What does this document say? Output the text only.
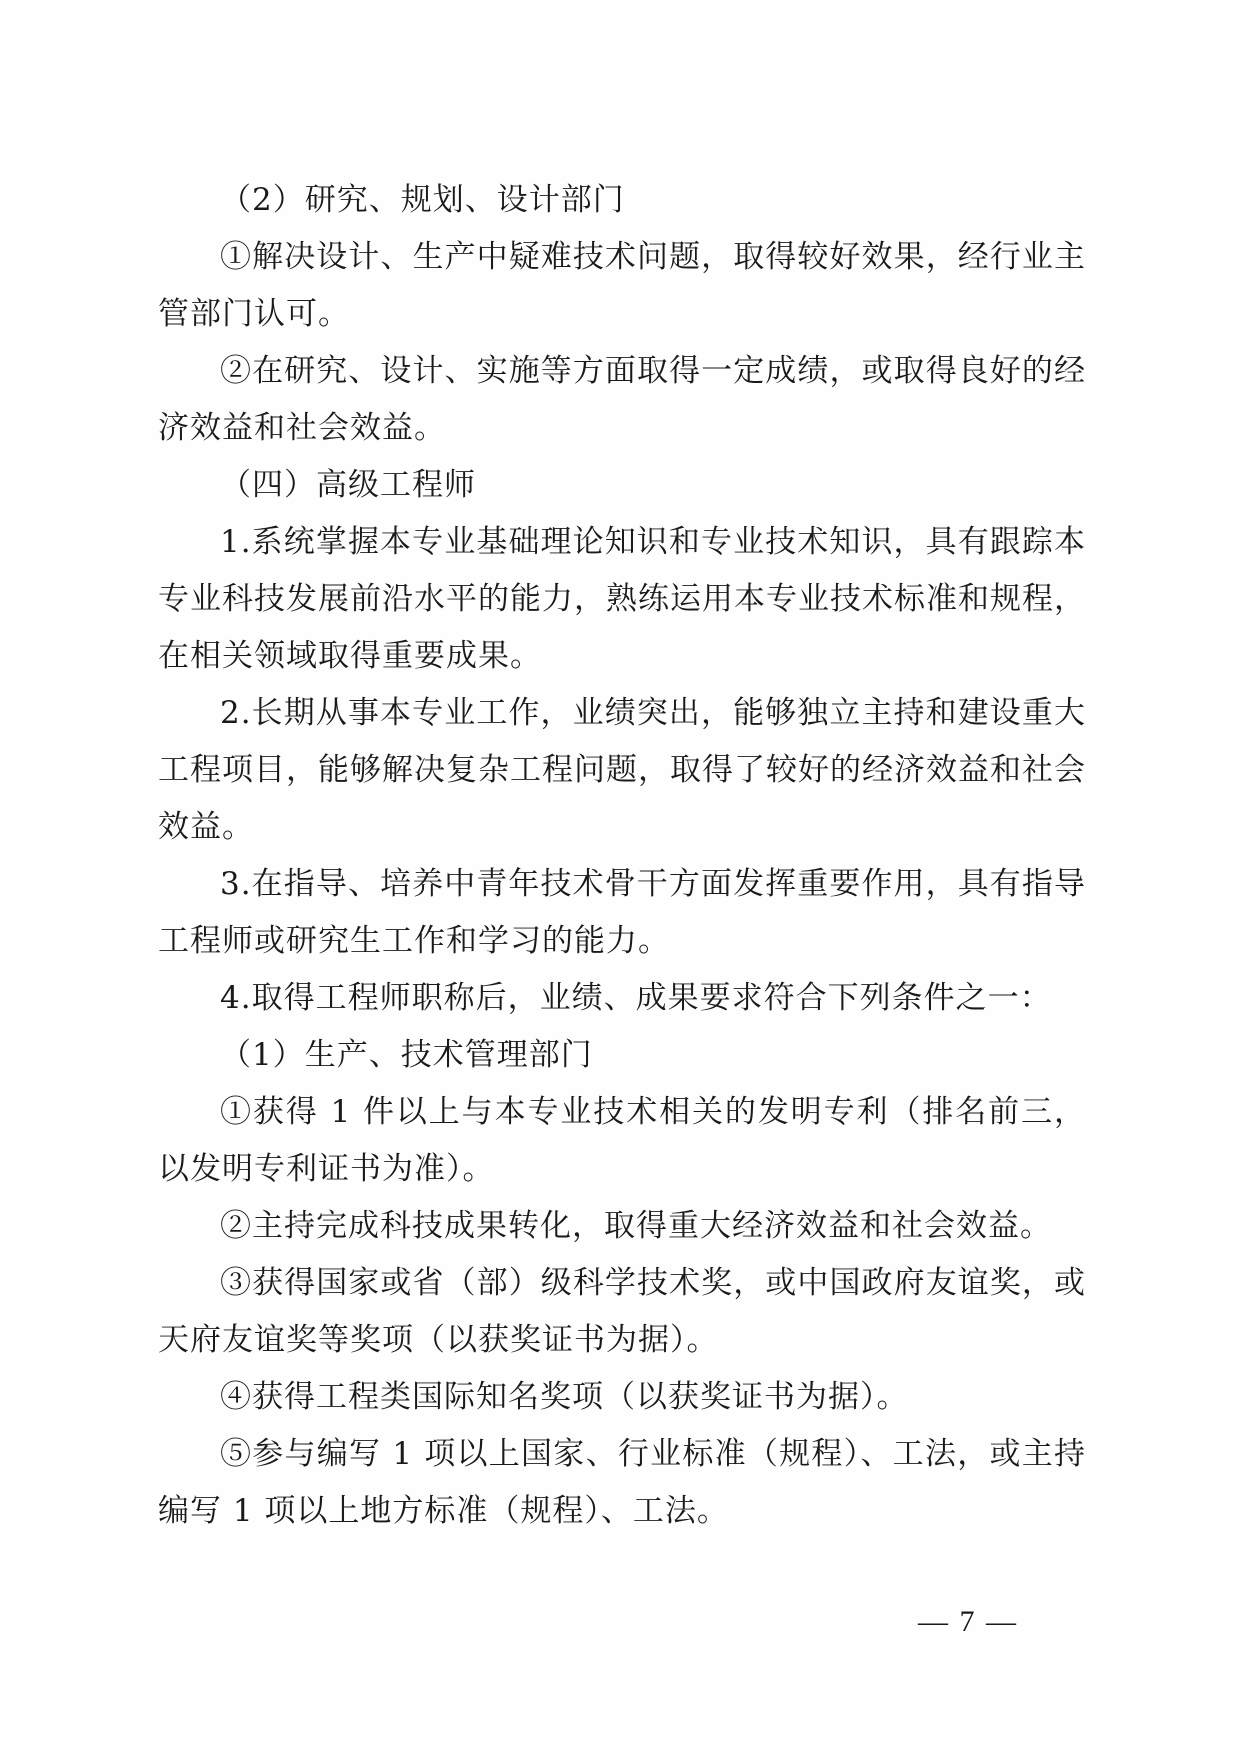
（2）研究、规划、设计部门

①解决设计、生产中疑难技术问题，取得较好效果，经行业主管部门认可。

②在研究、设计、实施等方面取得一定成绩，或取得良好的经济效益和社会效益。

（四）高级工程师

1.系统掌握本专业基础理论知识和专业技术知识，具有跟踪本专业科技发展前沿水平的能力，熟练运用本专业技术标准和规程，在相关领域取得重要成果。

2.长期从事本专业工作，业绩突出，能够独立主持和建设重大工程项目，能够解决复杂工程问题，取得了较好的经济效益和社会效益。

3.在指导、培养中青年技术骨干方面发挥重要作用，具有指导工程师或研究生工作和学习的能力。

4.取得工程师职称后，业绩、成果要求符合下列条件之一：

（1）生产、技术管理部门

①获得 1 件以上与本专业技术相关的发明专利（排名前三，以发明专利证书为准）。

②主持完成科技成果转化，取得重大经济效益和社会效益。

③获得国家或省（部）级科学技术奖，或中国政府友谊奖，或天府友谊奖等奖项（以获奖证书为据）。

④获得工程类国际知名奖项（以获奖证书为据）。

⑤参与编写 1 项以上国家、行业标准（规程）、工法，或主持编写 1 项以上地方标准（规程）、工法。

— 7 —
